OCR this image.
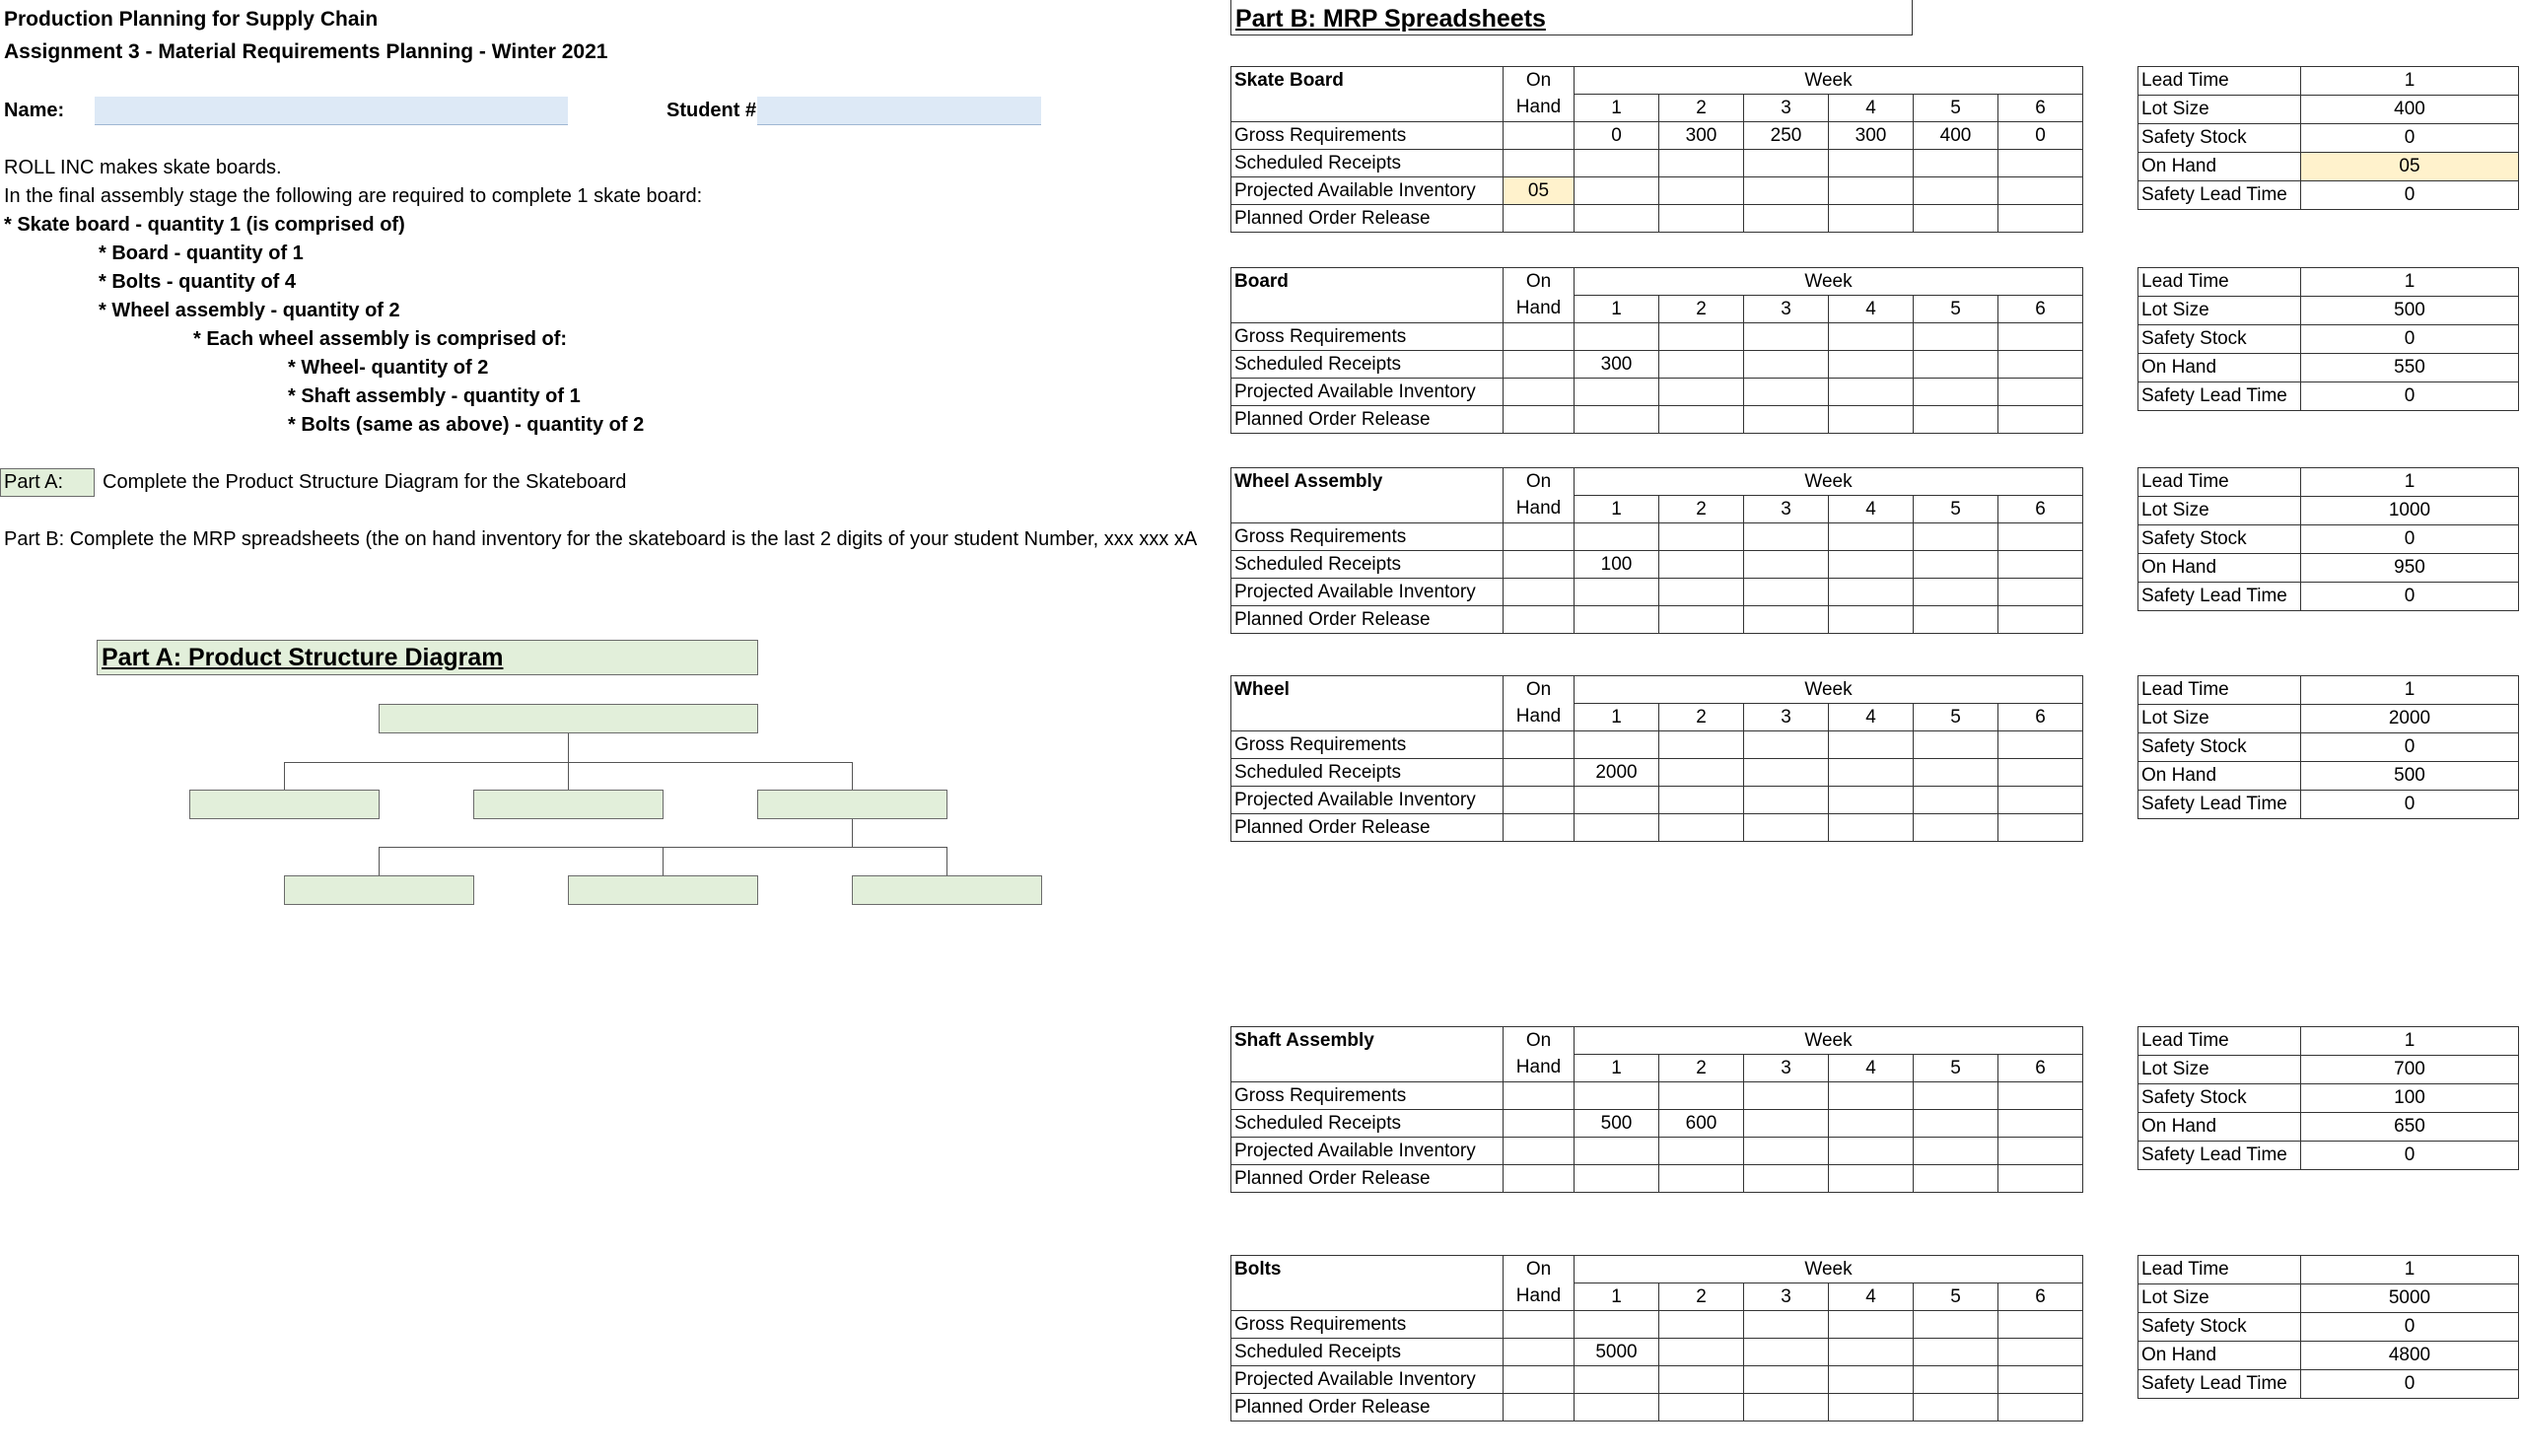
Production Planning for Supply Chain
Assignment 3 - Material Requirements Planning - Winter 2021
Name:	Student #
ROLL INC makes skate boards.
In the final assembly stage the following are required to complete 1 skate board:
* Skate board - quantity 1 (is comprised of)
* Board - quantity of 1
* Bolts - quantity of 4
* Wheel assembly - quantity of 2
* Each wheel assembly is comprised of:
* Wheel- quantity of 2
* Shaft assembly - quantity of 1
* Bolts (same as above) - quantity of 2
Part A:	Complete the Product Structure Diagram for the Skateboard
Part B: Complete the MRP spreadsheets (the on hand inventory for the skateboard is the last 2 digits of your student Number, xxx xxx xA
Part A: Product Structure Diagram
Part B: MRP Spreadsheets
Skate Board	On	Week					
	Hand	1	2	3	4	5	6
Gross Requirements		0	300	250	300	400	0
Scheduled Receipts							
Projected Available Inventory	05						
Planned Order Release							
Lead Time	1
Lot Size	400
Safety Stock	0
On Hand	05
Safety Lead Time	0
Board	On	Week					
	Hand	1	2	3	4	5	6
Gross Requirements							
Scheduled Receipts		300					
Projected Available Inventory							
Planned Order Release							
Lead Time	1
Lot Size	500
Safety Stock	0
On Hand	550
Safety Lead Time	0
Wheel Assembly	On	Week					
	Hand	1	2	3	4	5	6
Gross Requirements							
Scheduled Receipts		100					
Projected Available Inventory							
Planned Order Release							
Lead Time	1
Lot Size	1000
Safety Stock	0
On Hand	950
Safety Lead Time	0
Wheel	On	Week					
	Hand	1	2	3	4	5	6
Gross Requirements							
Scheduled Receipts		2000					
Projected Available Inventory							
Planned Order Release							
Lead Time	1
Lot Size	2000
Safety Stock	0
On Hand	500
Safety Lead Time	0
Shaft Assembly	On	Week					
	Hand	1	2	3	4	5	6
Gross Requirements							
Scheduled Receipts		500	600				
Projected Available Inventory							
Planned Order Release							
Lead Time	1
Lot Size	700
Safety Stock	100
On Hand	650
Safety Lead Time	0
Bolts	On	Week					
	Hand	1	2	3	4	5	6
Gross Requirements							
Scheduled Receipts		5000					
Projected Available Inventory							
Planned Order Release							
Lead Time	1
Lot Size	5000
Safety Stock	0
On Hand	4800
Safety Lead Time	0
